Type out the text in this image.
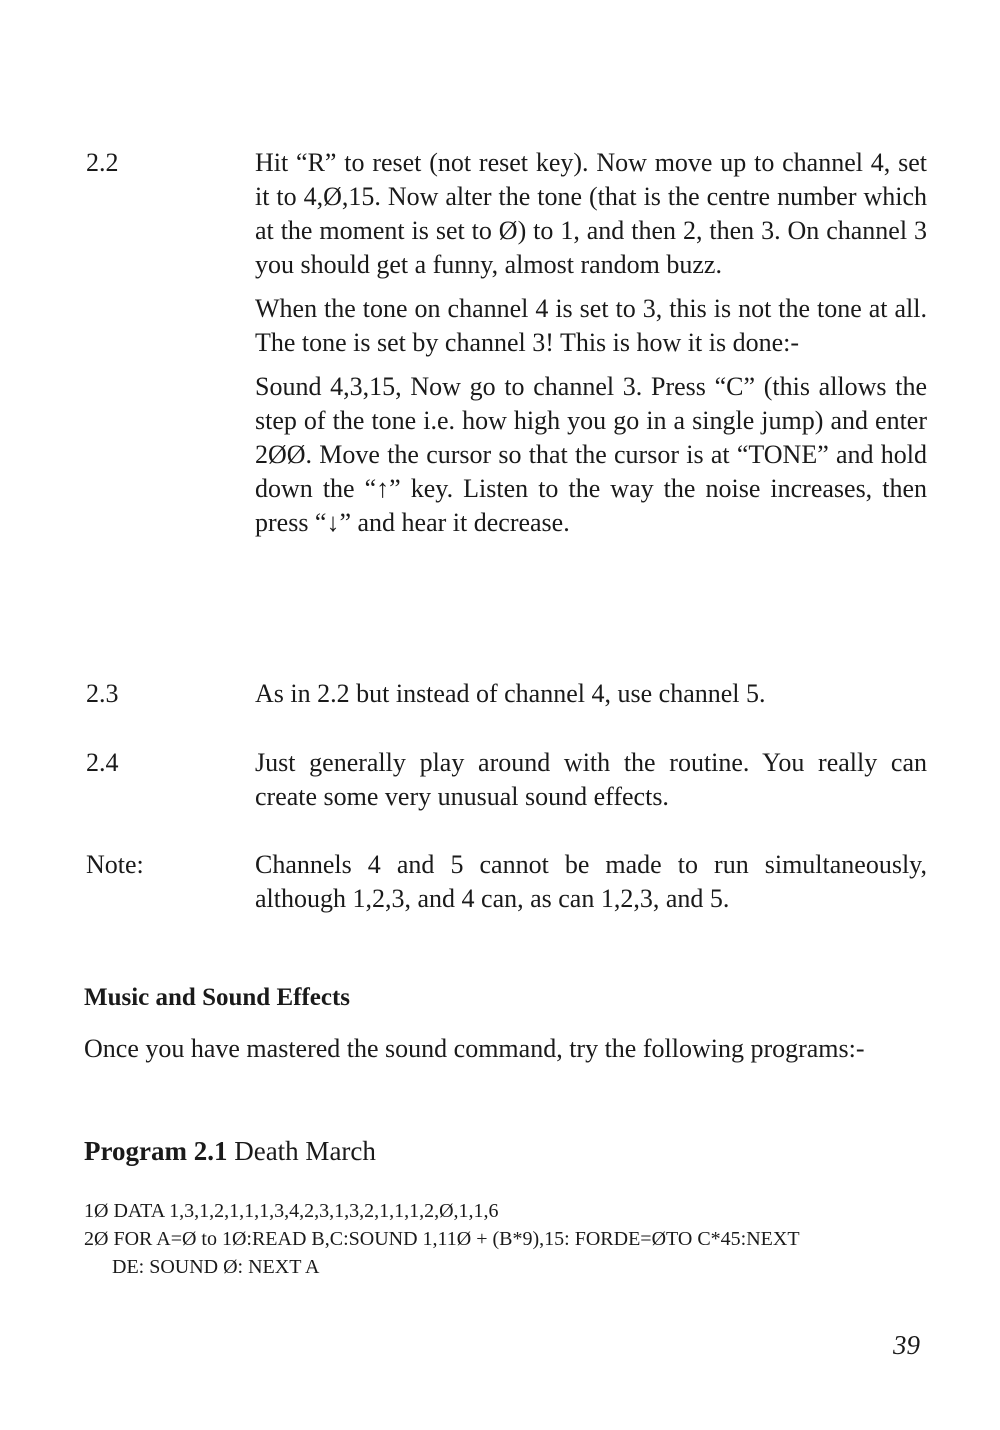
2.2	Hit “R” to reset (not reset key). Now move up to channel 4, set it to 4,Ø,15. Now alter the tone (that is the centre number which at the moment is set to Ø) to 1, and then 2, then 3. On channel 3 you should get a funny, almost random buzz.

When the tone on channel 4 is set to 3, this is not the tone at all. The tone is set by channel 3! This is how it is done:-

Sound 4,3,15, Now go to channel 3. Press “C” (this allows the step of the tone i.e. how high you go in a single jump) and enter 2ØØ. Move the cursor so that the cursor is at “TONE” and hold down the “↑” key. Listen to the way the noise increases, then press “↓” and hear it decrease.

2.3	As in 2.2 but instead of channel 4, use channel 5.

2.4	Just generally play around with the routine. You really can create some very unusual sound effects.

Note:	Channels 4 and 5 cannot be made to run simultaneously, although 1,2,3, and 4 can, as can 1,2,3, and 5.

Music and Sound Effects
Once you have mastered the sound command, try the following programs:-
Program 2.1 Death March
1Ø DATA 1,3,1,2,1,1,1,3,4,2,3,1,3,2,1,1,1,2,Ø,1,1,6
2Ø FOR A=Ø to 1Ø:READ B,C:SOUND 1,11Ø + (B*9),15: FORDE=ØTO C*45:NEXT
DE: SOUND Ø: NEXT A
39
